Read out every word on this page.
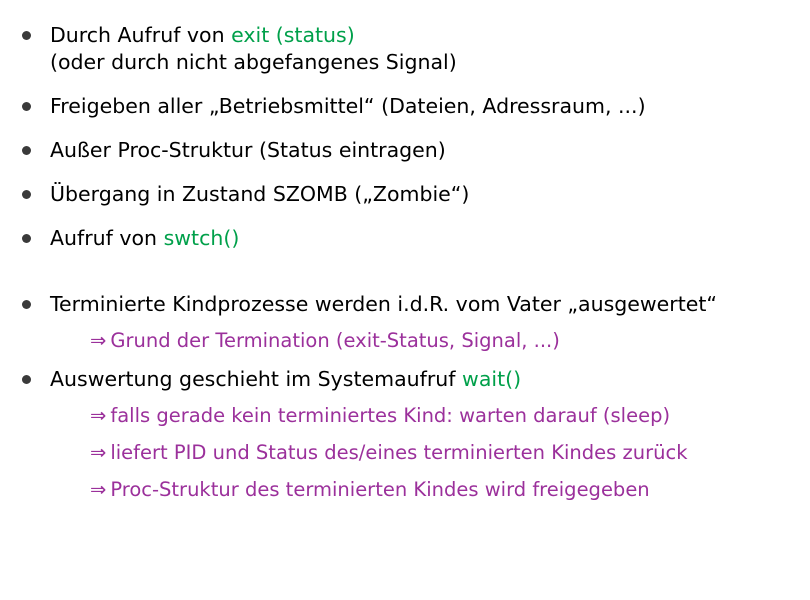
Durch Aufruf von exit (status)
(oder durch nicht abgefangenes Signal)
Freigeben aller „Betriebsmittel“ (Dateien, Adressraum, ...)
Außer Proc-Struktur (Status eintragen)
Übergang in Zustand SZOMB („Zombie“)
Aufruf von swtch()
Terminierte Kindprozesse werden i.d.R. vom Vater „ausgewertet“
⇒ Grund der Termination (exit-Status, Signal, ...)
Auswertung geschieht im Systemaufruf wait()
⇒ falls gerade kein terminiertes Kind: warten darauf (sleep)
⇒ liefert PID und Status des/eines terminierten Kindes zurück
⇒ Proc-Struktur des terminierten Kindes wird freigegeben
